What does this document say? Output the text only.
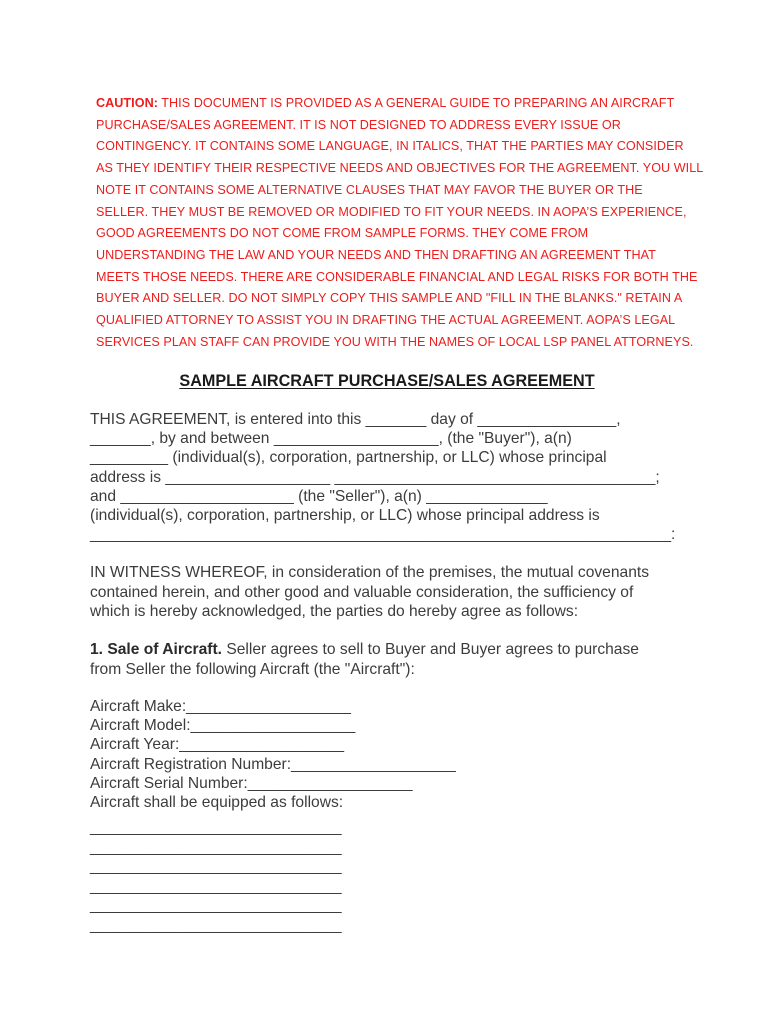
CAUTION: THIS DOCUMENT IS PROVIDED AS A GENERAL GUIDE TO PREPARING AN AIRCRAFT
PURCHASE/SALES AGREEMENT. IT IS NOT DESIGNED TO ADDRESS EVERY ISSUE OR
CONTINGENCY. IT CONTAINS SOME LANGUAGE, IN ITALICS, THAT THE PARTIES MAY CONSIDER
AS THEY IDENTIFY THEIR RESPECTIVE NEEDS AND OBJECTIVES FOR THE AGREEMENT. YOU WILL
NOTE IT CONTAINS SOME ALTERNATIVE CLAUSES THAT MAY FAVOR THE BUYER OR THE
SELLER. THEY MUST BE REMOVED OR MODIFIED TO FIT YOUR NEEDS. IN AOPA’S EXPERIENCE,
GOOD AGREEMENTS DO NOT COME FROM SAMPLE FORMS. THEY COME FROM
UNDERSTANDING THE LAW AND YOUR NEEDS AND THEN DRAFTING AN AGREEMENT THAT
MEETS THOSE NEEDS. THERE ARE CONSIDERABLE FINANCIAL AND LEGAL RISKS FOR BOTH THE
BUYER AND SELLER. DO NOT SIMPLY COPY THIS SAMPLE AND "FILL IN THE BLANKS." RETAIN A
QUALIFIED ATTORNEY TO ASSIST YOU IN DRAFTING THE ACTUAL AGREEMENT. AOPA’S LEGAL
SERVICES PLAN STAFF CAN PROVIDE YOU WITH THE NAMES OF LOCAL LSP PANEL ATTORNEYS.
SAMPLE AIRCRAFT PURCHASE/SALES AGREEMENT
THIS AGREEMENT, is entered into this _______ day of ________________,
_______, by and between ___________________, (the "Buyer"), a(n)
_________ (individual(s), corporation, partnership, or LLC) whose principal
address is ___________________ _____________________________________;
and ____________________ (the "Seller"), a(n) ______________
(individual(s), corporation, partnership, or LLC) whose principal address is
___________________________________________________________________:
IN WITNESS WHEREOF, in consideration of the premises, the mutual covenants
contained herein, and other good and valuable consideration, the sufficiency of
which is hereby acknowledged, the parties do hereby agree as follows:
1. Sale of Aircraft. Seller agrees to sell to Buyer and Buyer agrees to purchase
from Seller the following Aircraft (the "Aircraft"):
Aircraft Make:___________________
Aircraft Model:___________________
Aircraft Year:___________________
Aircraft Registration Number:___________________
Aircraft Serial Number:___________________
Aircraft shall be equipped as follows:
_____________________________
_____________________________
_____________________________
_____________________________
_____________________________
_____________________________
